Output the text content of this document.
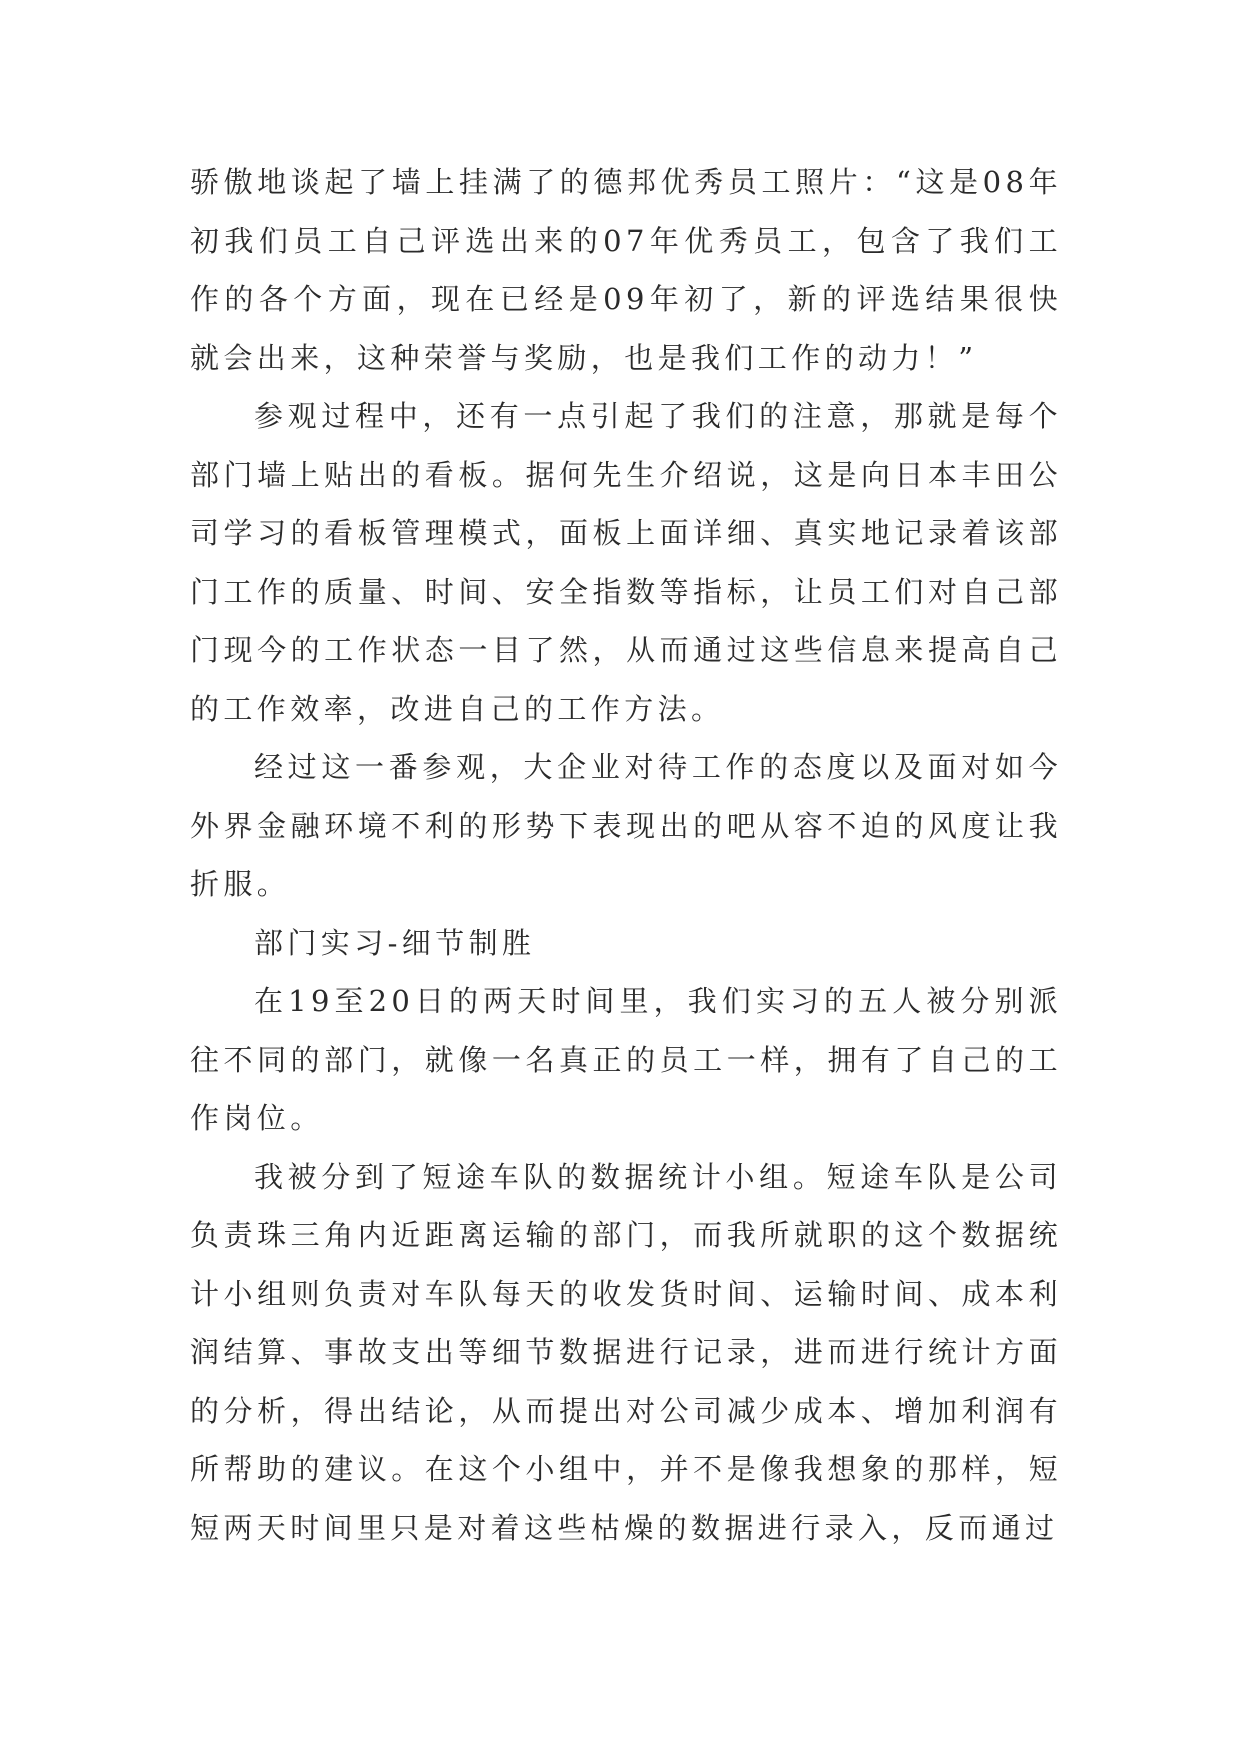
骄傲地谈起了墙上挂满了的德邦优秀员工照片：“这是08年初我们员工自己评选出来的07年优秀员工，包含了我们工作的各个方面，现在已经是09年初了，新的评选结果很快就会出来，这种荣誉与奖励，也是我们工作的动力！”

参观过程中，还有一点引起了我们的注意，那就是每个部门墙上贴出的看板。据何先生介绍说，这是向日本丰田公司学习的看板管理模式，面板上面详细、真实地记录着该部门工作的质量、时间、安全指数等指标，让员工们对自己部门现今的工作状态一目了然，从而通过这些信息来提高自己的工作效率，改进自己的工作方法。

经过这一番参观，大企业对待工作的态度以及面对如今外界金融环境不利的形势下表现出的吧从容不迫的风度让我折服。

部门实习-细节制胜

在19至20日的两天时间里，我们实习的五人被分别派往不同的部门，就像一名真正的员工一样，拥有了自己的工作岗位。

我被分到了短途车队的数据统计小组。短途车队是公司负责珠三角内近距离运输的部门，而我所就职的这个数据统计小组则负责对车队每天的收发货时间、运输时间、成本利润结算、事故支出等细节数据进行记录，进而进行统计方面的分析，得出结论，从而提出对公司减少成本、增加利润有所帮助的建议。在这个小组中，并不是像我想象的那样，短短两天时间里只是对着这些枯燥的数据进行录入，反而通过
